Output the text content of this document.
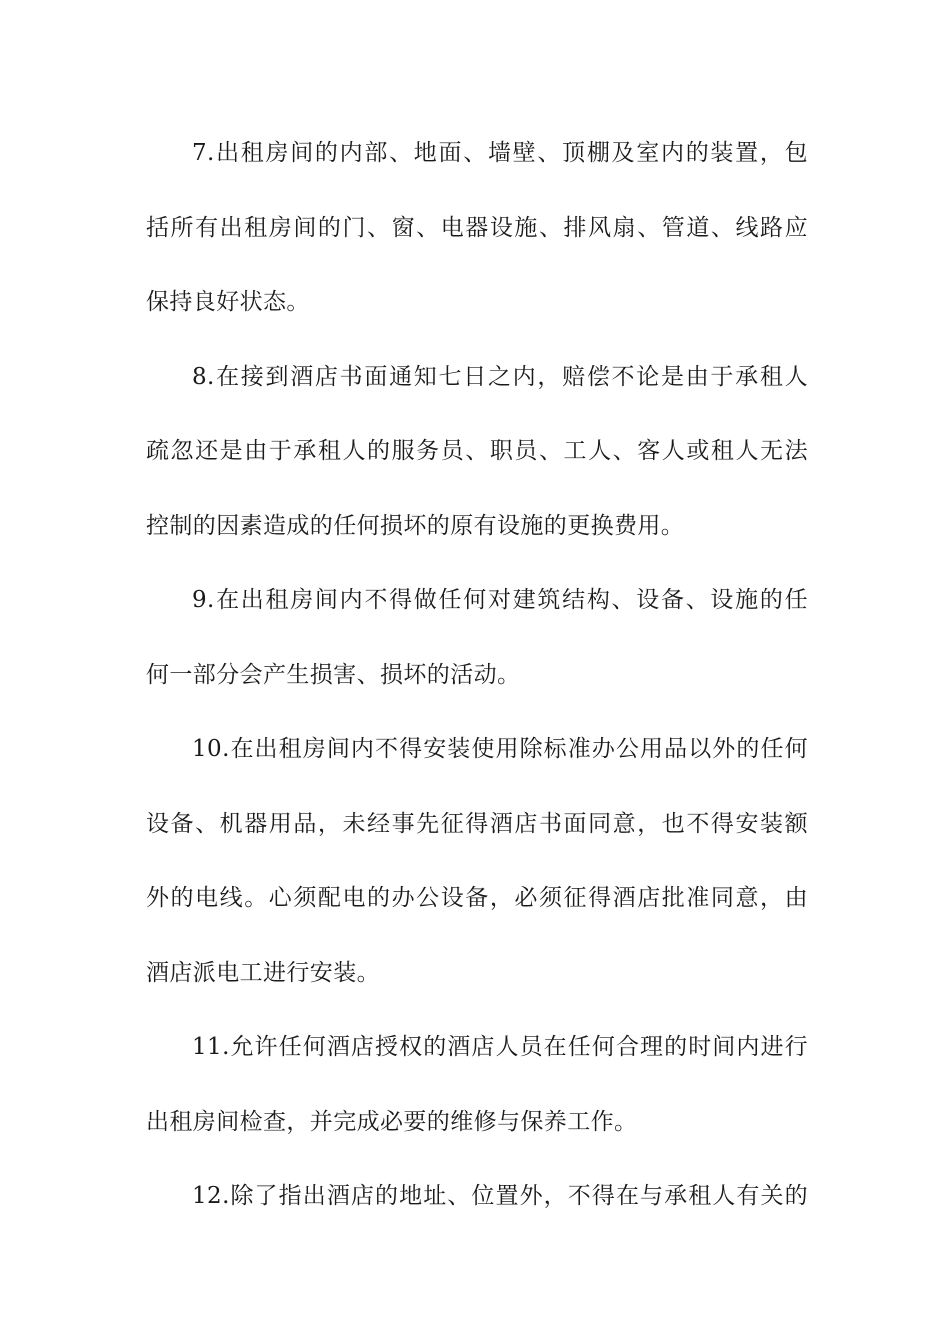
7.出租房间的内部、地面、墙壁、顶棚及室内的装置，包
括所有出租房间的门、窗、电器设施、排风扇、管道、线路应
保持良好状态。
8.在接到酒店书面通知七日之内，赔偿不论是由于承租人
疏忽还是由于承租人的服务员、职员、工人、客人或租人无法
控制的因素造成的任何损坏的原有设施的更换费用。
9.在出租房间内不得做任何对建筑结构、设备、设施的任
何一部分会产生损害、损坏的活动。
10.在出租房间内不得安装使用除标准办公用品以外的任何
设备、机器用品，未经事先征得酒店书面同意，也不得安装额
外的电线。心须配电的办公设备，必须征得酒店批准同意，由
酒店派电工进行安装。
11.允许任何酒店授权的酒店人员在任何合理的时间内进行
出租房间检查，并完成必要的维修与保养工作。
12.除了指出酒店的地址、位置外，不得在与承租人有关的
